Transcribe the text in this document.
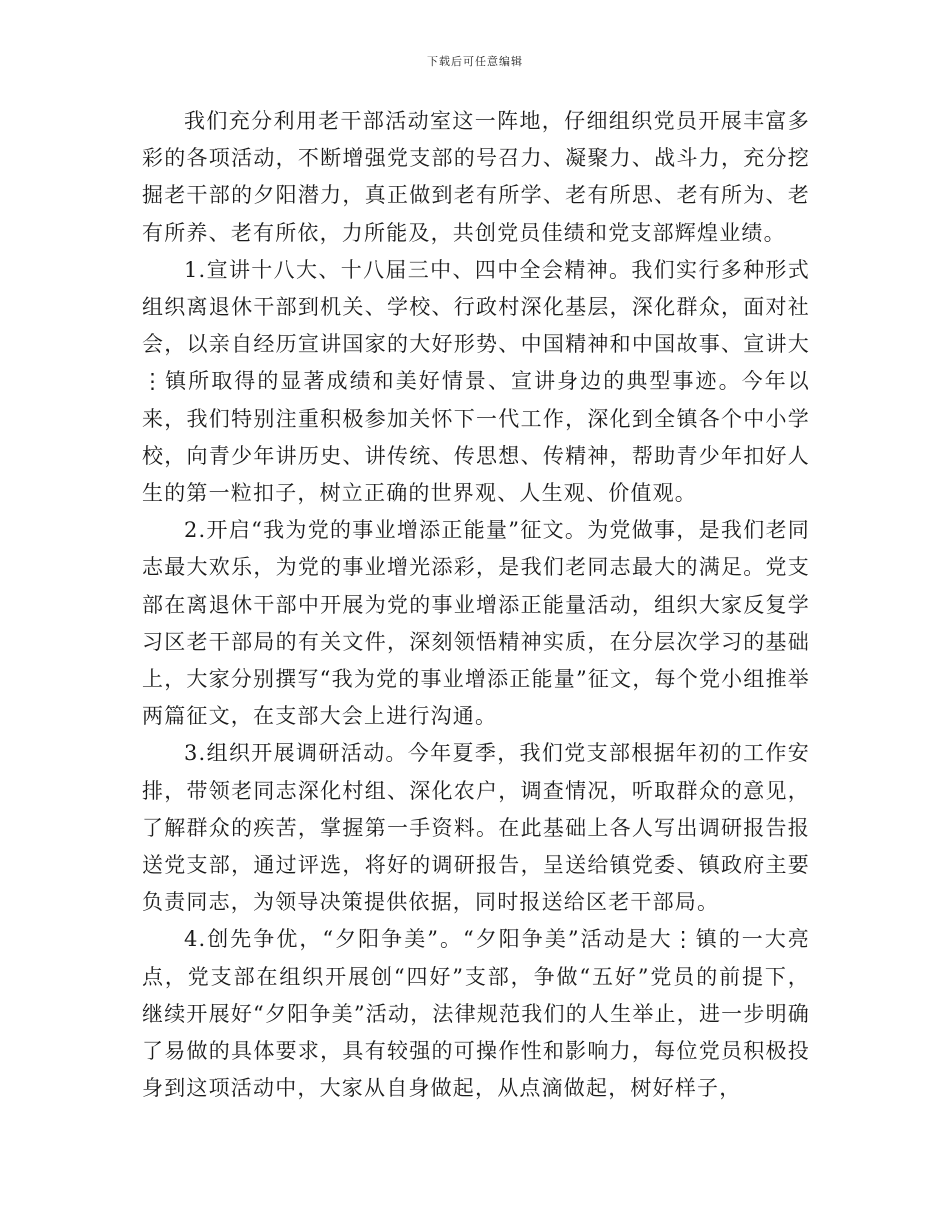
下载后可任意编辑

我们充分利用老干部活动室这一阵地，仔细组织党员开展丰富多彩的各项活动，不断增强党支部的号召力、凝聚力、战斗力，充分挖掘老干部的夕阳潜力，真正做到老有所学、老有所思、老有所为、老有所养、老有所依，力所能及，共创党员佳绩和党支部辉煌业绩。

1.宣讲十八大、十八届三中、四中全会精神。我们实行多种形式组织离退休干部到机关、学校、行政村深化基层，深化群众，面对社会，以亲自经历宣讲国家的大好形势、中国精神和中国故事、宣讲大⋮镇所取得的显著成绩和美好情景、宣讲身边的典型事迹。今年以来，我们特别注重积极参加关怀下一代工作，深化到全镇各个中小学校，向青少年讲历史、讲传统、传思想、传精神，帮助青少年扣好人生的第一粒扣子，树立正确的世界观、人生观、价值观。

2.开启“我为党的事业增添正能量”征文。为党做事，是我们老同志最大欢乐，为党的事业增光添彩，是我们老同志最大的满足。党支部在离退休干部中开展为党的事业增添正能量活动，组织大家反复学习区老干部局的有关文件，深刻领悟精神实质，在分层次学习的基础上，大家分别撰写“我为党的事业增添正能量”征文，每个党小组推举两篇征文，在支部大会上进行沟通。

3.组织开展调研活动。今年夏季，我们党支部根据年初的工作安排，带领老同志深化村组、深化农户，调查情况，听取群众的意见，了解群众的疾苦，掌握第一手资料。在此基础上各人写出调研报告报送党支部，通过评选，将好的调研报告，呈送给镇党委、镇政府主要负责同志，为领导决策提供依据，同时报送给区老干部局。

4.创先争优，“夕阳争美”。“夕阳争美”活动是大⋮镇的一大亮点，党支部在组织开展创“四好”支部，争做“五好”党员的前提下，继续开展好“夕阳争美”活动，法律规范我们的人生举止，进一步明确了易做的具体要求，具有较强的可操作性和影响力，每位党员积极投身到这项活动中，大家从自身做起，从点滴做起，树好样子，
